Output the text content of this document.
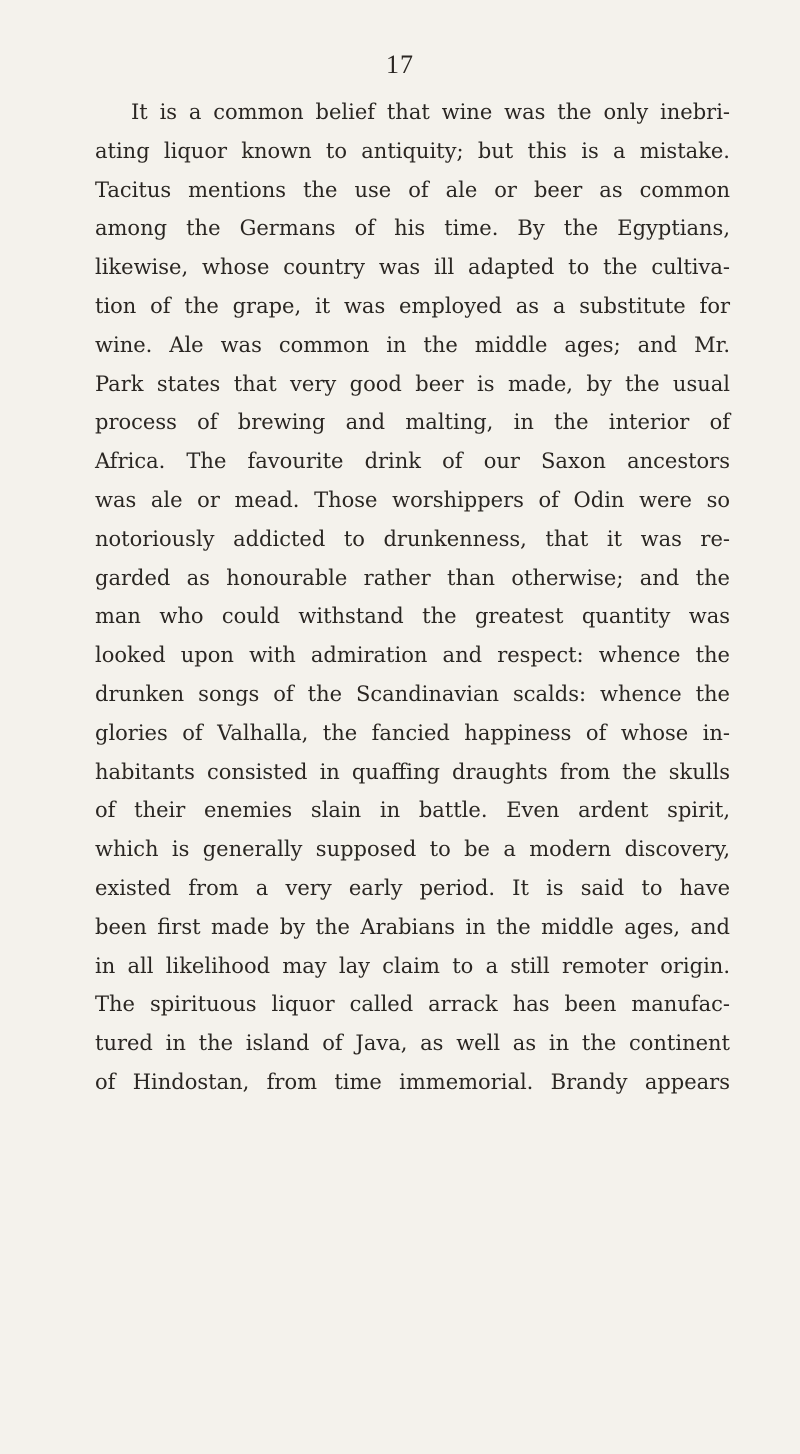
17
It is a common belief that wine was the only inebri-
ating liquor known to antiquity; but this is a mistake.
Tacitus mentions the use of ale or beer as common
among the Germans of his time. By the Egyptians,
likewise, whose country was ill adapted to the cultiva-
tion of the grape, it was employed as a substitute for
wine. Ale was common in the middle ages; and Mr.
Park states that very good beer is made, by the usual
process of brewing and malting, in the interior of
Africa. The favourite drink of our Saxon ancestors
was ale or mead. Those worshippers of Odin were so
notoriously addicted to drunkenness, that it was re-
garded as honourable rather than otherwise; and the
man who could withstand the greatest quantity was
looked upon with admiration and respect: whence the
drunken songs of the Scandinavian scalds: whence the
glories of Valhalla, the fancied happiness of whose in-
habitants consisted in quaffing draughts from the skulls
of their enemies slain in battle. Even ardent spirit,
which is generally supposed to be a modern discovery,
existed from a very early period. It is said to have
been first made by the Arabians in the middle ages, and
in all likelihood may lay claim to a still remoter origin.
The spirituous liquor called arrack has been manufac-
tured in the island of Java, as well as in the continent
of Hindostan, from time immemorial. Brandy appears
